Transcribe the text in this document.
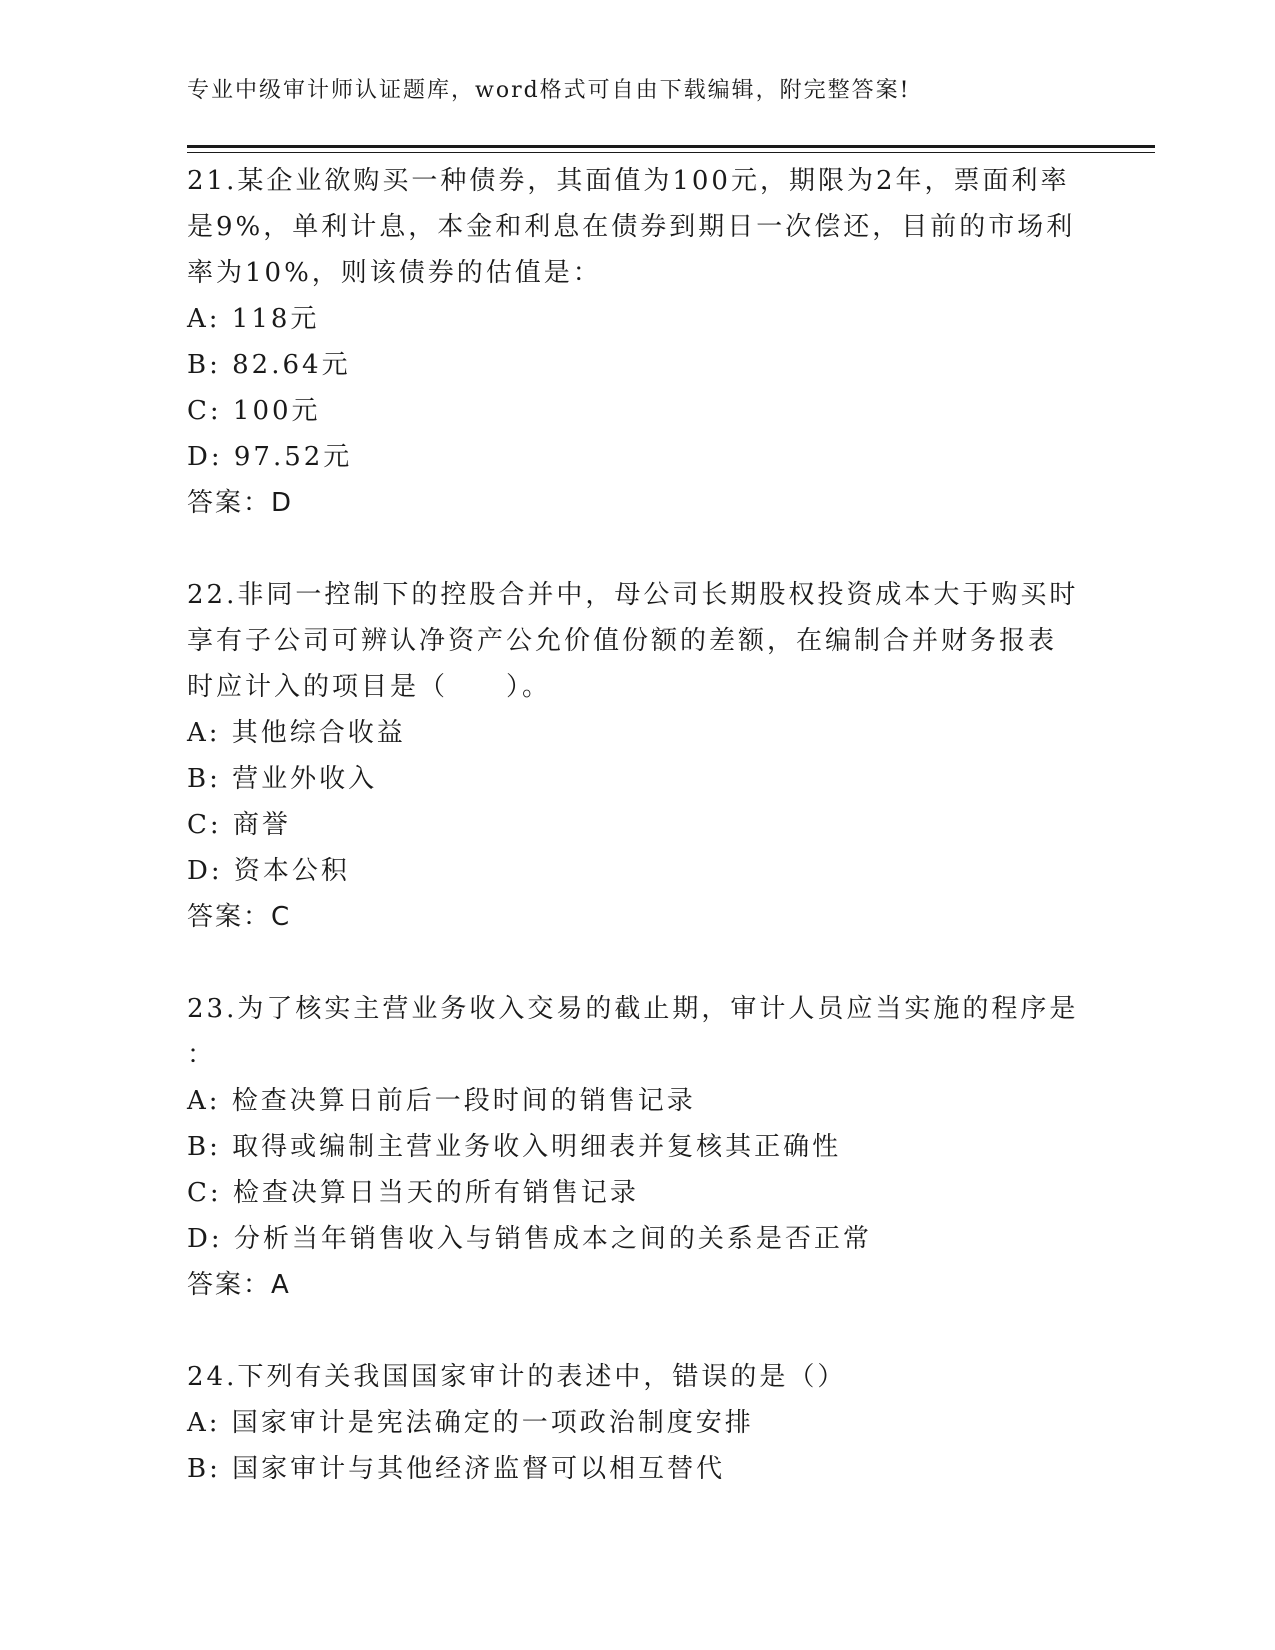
专业中级审计师认证题库，word格式可自由下载编辑，附完整答案!
21.某企业欲购买一种债券，其面值为100元，期限为2年，票面利率
是9%，单利计息，本金和利息在债券到期日一次偿还，目前的市场利
率为10%，则该债券的估值是：
A: 118元
B: 82.64元
C: 100元
D: 97.52元
答案：D
22.非同一控制下的控股合并中，母公司长期股权投资成本大于购买时
享有子公司可辨认净资产公允价值份额的差额，在编制合并财务报表
时应计入的项目是（　　）。
A: 其他综合收益
B: 营业外收入
C: 商誉
D: 资本公积
答案：C
23.为了核实主营业务收入交易的截止期，审计人员应当实施的程序是
：
A: 检查决算日前后一段时间的销售记录
B: 取得或编制主营业务收入明细表并复核其正确性
C: 检查决算日当天的所有销售记录
D: 分析当年销售收入与销售成本之间的关系是否正常
答案：A
24.下列有关我国国家审计的表述中，错误的是（）
A: 国家审计是宪法确定的一项政治制度安排
B: 国家审计与其他经济监督可以相互替代
